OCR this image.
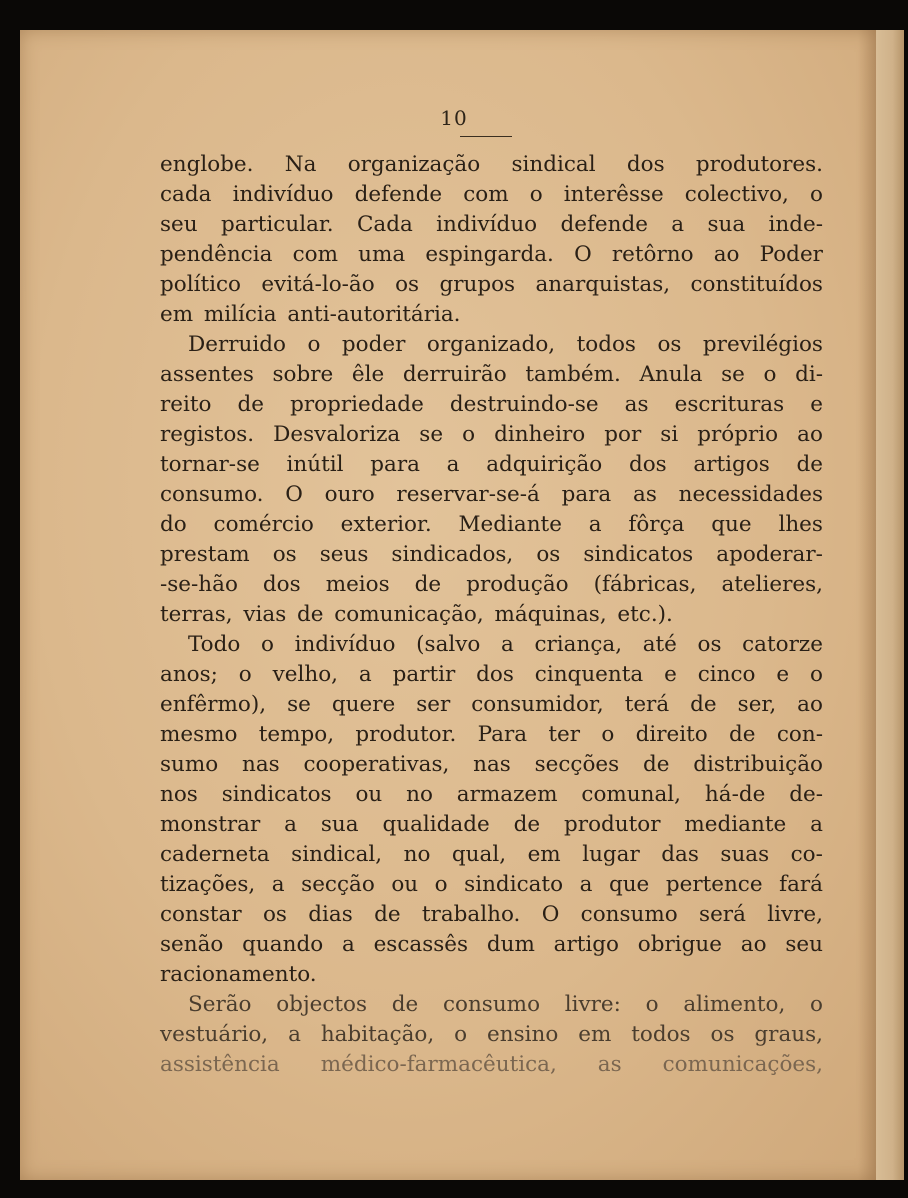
10
englobe. Na organização sindical dos produtores.
cada indivíduo defende com o interêsse colectivo, o
seu particular. Cada indivíduo defende a sua inde-
pendência com uma espingarda. O retôrno ao Poder
político evitá-lo-ão os grupos anarquistas, constituídos
em milícia anti-autoritária.
Derruido o poder organizado, todos os previlégios
assentes sobre êle derruirão também. Anula se o di-
reito de propriedade destruindo-se as escrituras e
registos. Desvaloriza se o dinheiro por si próprio ao
tornar-se inútil para a adquirição dos artigos de
consumo. O ouro reservar-se-á para as necessidades
do comércio exterior. Mediante a fôrça que lhes
prestam os seus sindicados, os sindicatos apoderar-
-se-hão dos meios de produção (fábricas, atelieres,
terras, vias de comunicação, máquinas, etc.).
Todo o indivíduo (salvo a criança, até os catorze
anos; o velho, a partir dos cinquenta e cinco e o
enfêrmo), se quere ser consumidor, terá de ser, ao
mesmo tempo, produtor. Para ter o direito de con-
sumo nas cooperativas, nas secções de distribuição
nos sindicatos ou no armazem comunal, há-de de-
monstrar a sua qualidade de produtor mediante a
caderneta sindical, no qual, em lugar das suas co-
tizações, a secção ou o sindicato a que pertence fará
constar os dias de trabalho. O consumo será livre,
senão quando a escassês dum artigo obrigue ao seu
racionamento.
Serão objectos de consumo livre: o alimento, o
vestuário, a habitação, o ensino em todos os graus,
assistência médico-farmacêutica, as comunicações,
